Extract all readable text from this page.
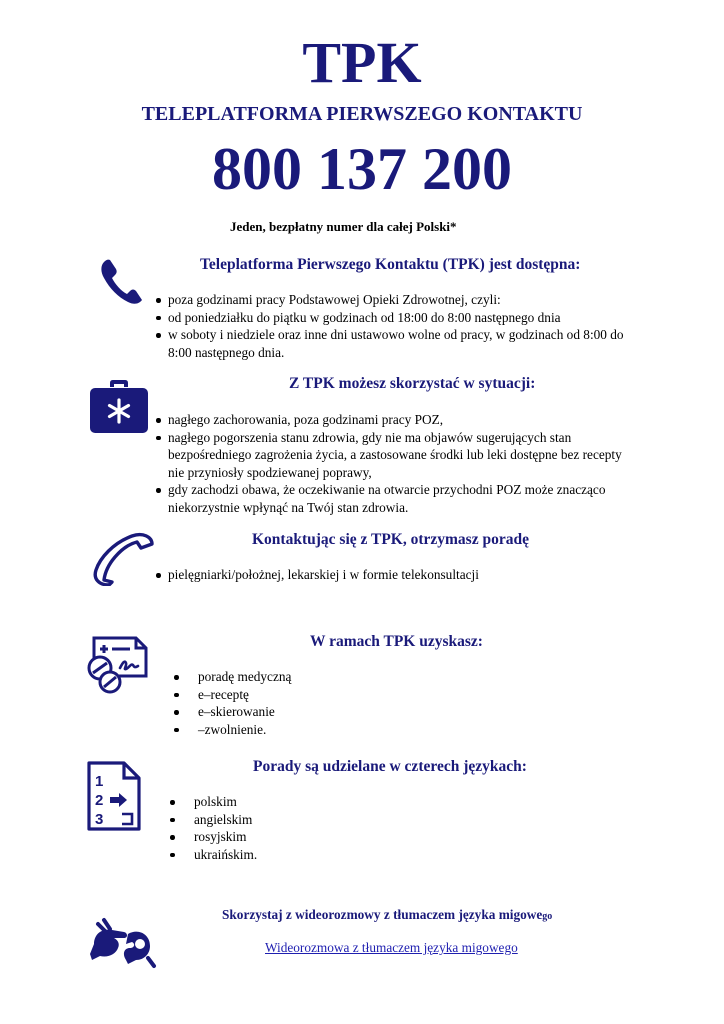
TPK
TELEPLATFORMA PIERWSZEGO KONTAKTU
800 137 200
Jeden, bezpłatny numer dla całej Polski*
Teleplatforma Pierwszego Kontaktu (TPK) jest dostępna:
poza godzinami pracy Podstawowej Opieki Zdrowotnej, czyli:
od poniedziałku do piątku w godzinach od 18:00 do 8:00 następnego dnia
w soboty i niedziele oraz inne dni ustawowo wolne od pracy, w godzinach od 8:00 do 8:00 następnego dnia.
Z TPK możesz skorzystać w sytuacji:
nagłego zachorowania, poza godzinami pracy POZ,
nagłego pogorszenia stanu zdrowia, gdy nie ma objawów sugerujących stan bezpośredniego zagrożenia życia, a zastosowane środki lub leki dostępne bez recepty nie przyniosły spodziewanej poprawy,
gdy zachodzi obawa, że oczekiwanie na otwarcie przychodni POZ może znacząco niekorzystnie wpłynąć na Twój stan zdrowia.
Kontaktując się z TPK, otrzymasz poradę
pielęgniarki/położnej, lekarskiej i w formie telekonsultacji
W ramach TPK uzyskasz:
poradę medyczną
e–receptę
e–skierowanie
–zwolnienie.
1
2
3
Porady są udzielane w czterech językach:
polskim
angielskim
rosyjskim
ukraińskim.
Skorzystaj z wideorozmowy z tłumaczem języka migowego
Wideorozmowa z tłumaczem języka migowego
